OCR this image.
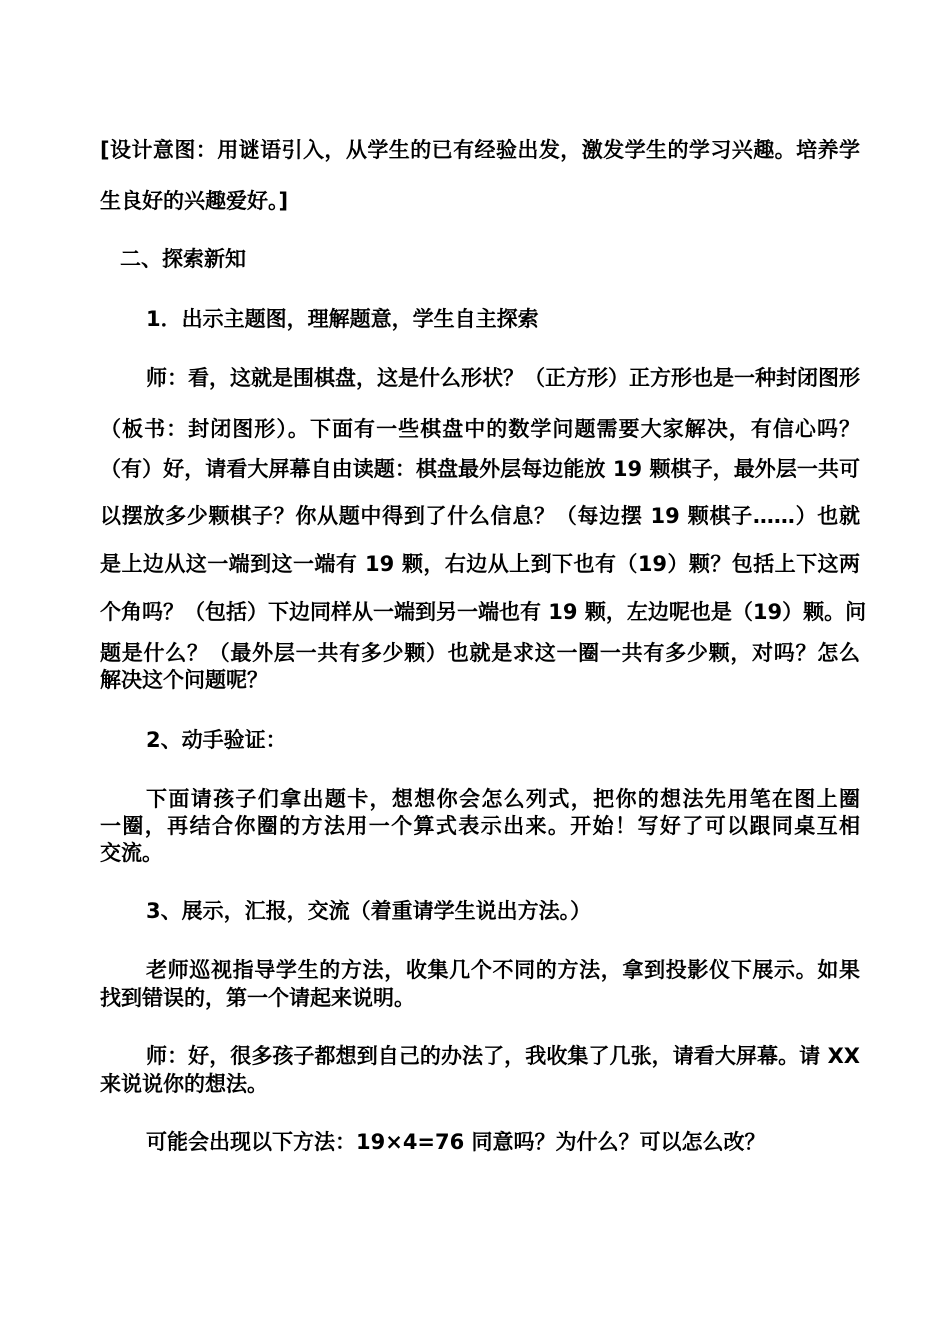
[设计意图：用谜语引入，从学生的已有经验出发，激发学生的学习兴趣。培养学

生良好的兴趣爱好。]

二、探索新知

1．出示主题图，理解题意，学生自主探索

师：看，这就是围棋盘，这是什么形状？（正方形）正方形也是一种封闭图形

（板书：封闭图形）。下面有一些棋盘中的数学问题需要大家解决，有信心吗？

（有）好，请看大屏幕自由读题：棋盘最外层每边能放 19 颗棋子，最外层一共可

以摆放多少颗棋子？你从题中得到了什么信息？（每边摆 19 颗棋子……）也就

是上边从这一端到这一端有 19 颗，右边从上到下也有（19）颗？包括上下这两

个角吗？（包括）下边同样从一端到另一端也有 19 颗，左边呢也是（19）颗。问

题是什么？（最外层一共有多少颗）也就是求这一圈一共有多少颗，对吗？怎么

解决这个问题呢？

2、动手验证：

下面请孩子们拿出题卡，想想你会怎么列式，把你的想法先用笔在图上圈

一圈，再结合你圈的方法用一个算式表示出来。开始！写好了可以跟同桌互相

交流。

3、展示，汇报，交流（着重请学生说出方法。）

老师巡视指导学生的方法，收集几个不同的方法，拿到投影仪下展示。如果

找到错误的，第一个请起来说明。

师：好，很多孩子都想到自己的办法了，我收集了几张，请看大屏幕。请 XX

来说说你的想法。

可能会出现以下方法：19×4=76 同意吗？为什么？可以怎么改？
